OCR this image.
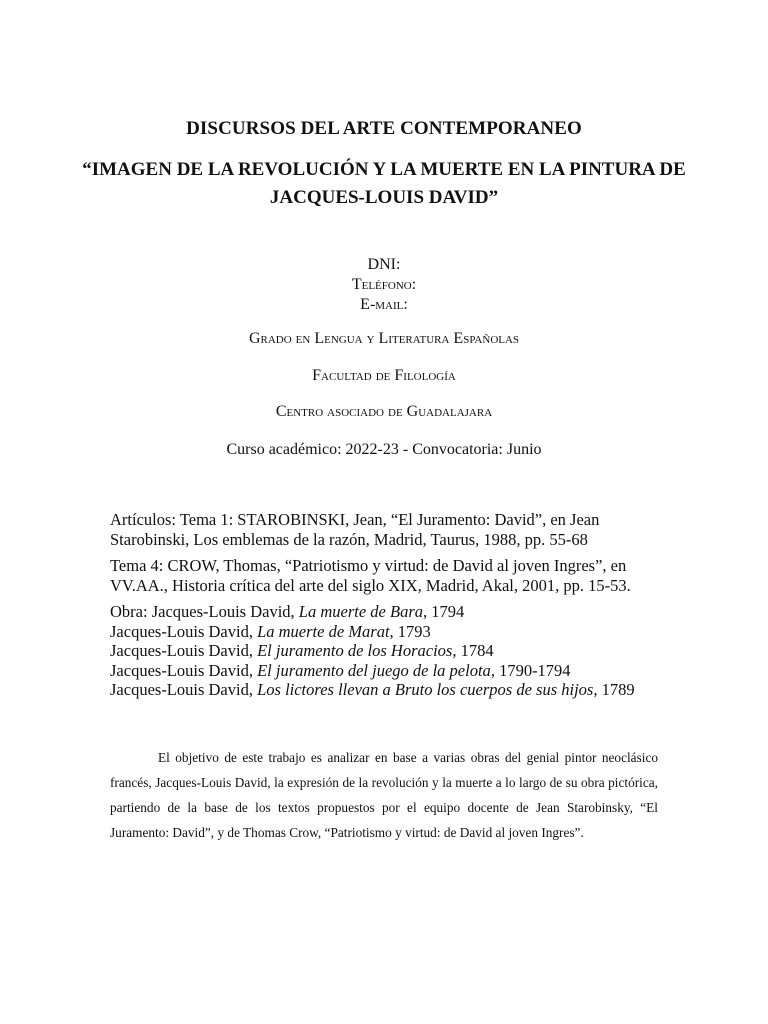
DISCURSOS DEL ARTE CONTEMPORANEO
“IMAGEN DE LA REVOLUCIÓN Y LA MUERTE EN LA PINTURA DE JACQUES-LOUIS DAVID”
DNI:
Teléfono:
E-mail:
Grado en Lengua y Literatura Españolas
Facultad de Filología
Centro asociado de Guadalajara
Curso académico: 2022-23 - Convocatoria: Junio

Artículos: Tema 1: STAROBINSKI, Jean, “El Juramento: David”, en Jean Starobinski, Los emblemas de la razón, Madrid, Taurus, 1988, pp. 55-68

Tema 4: CROW, Thomas, “Patriotismo y virtud: de David al joven Ingres”, en VV.AA., Historia crítica del arte del siglo XIX, Madrid, Akal, 2001, pp. 15-53.

Obra: Jacques-Louis David, La muerte de Bara, 1794

Jacques-Louis David, La muerte de Marat, 1793

Jacques-Louis David, El juramento de los Horacios, 1784

Jacques-Louis David, El juramento del juego de la pelota, 1790-1794

Jacques-Louis David, Los lictores llevan a Bruto los cuerpos de sus hijos, 1789

El objetivo de este trabajo es analizar en base a varias obras del genial pintor neoclásico francés, Jacques-Louis David, la expresión de la revolución y la muerte a lo largo de su obra pictórica, partiendo de la base de los textos propuestos por el equipo docente de Jean Starobinsky, “El Juramento: David”, y de Thomas Crow, “Patriotismo y virtud: de David al joven Ingres”.
